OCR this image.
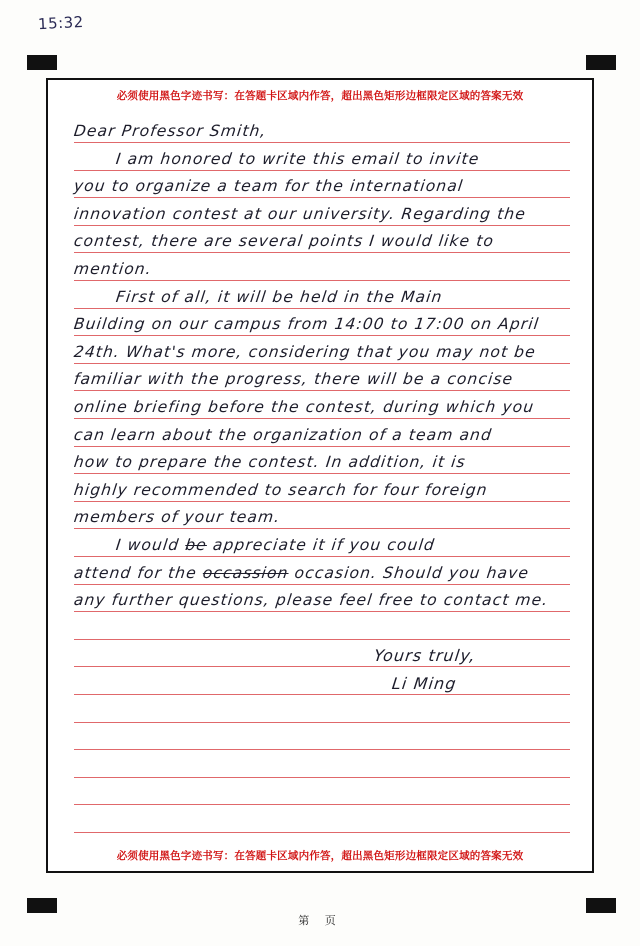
15:32
必须使用黑色字迹书写：在答题卡区域内作答，超出黑色矩形边框限定区域的答案无效
Dear Professor Smith,
I am honored to write this email to invite
you to organize a team for the international
innovation contest at our university. Regarding the
contest, there are several points I would like to
mention.
First of all, it will be held in the Main
Building on our campus from 14:00 to 17:00 on April
24th. What's more, considering that you may not be
familiar with the progress, there will be a concise
online briefing before the contest, during which you
can learn about the organization of a team and
how to prepare the contest. In addition, it is
highly recommended to search for four foreign
members of your team.
I would be appreciate it if you could
attend for the occassion occasion. Should you have
any further questions, please feel free to contact me.
Yours truly,
Li Ming
必须使用黑色字迹书写：在答题卡区域内作答，超出黑色矩形边框限定区域的答案无效
第 页
